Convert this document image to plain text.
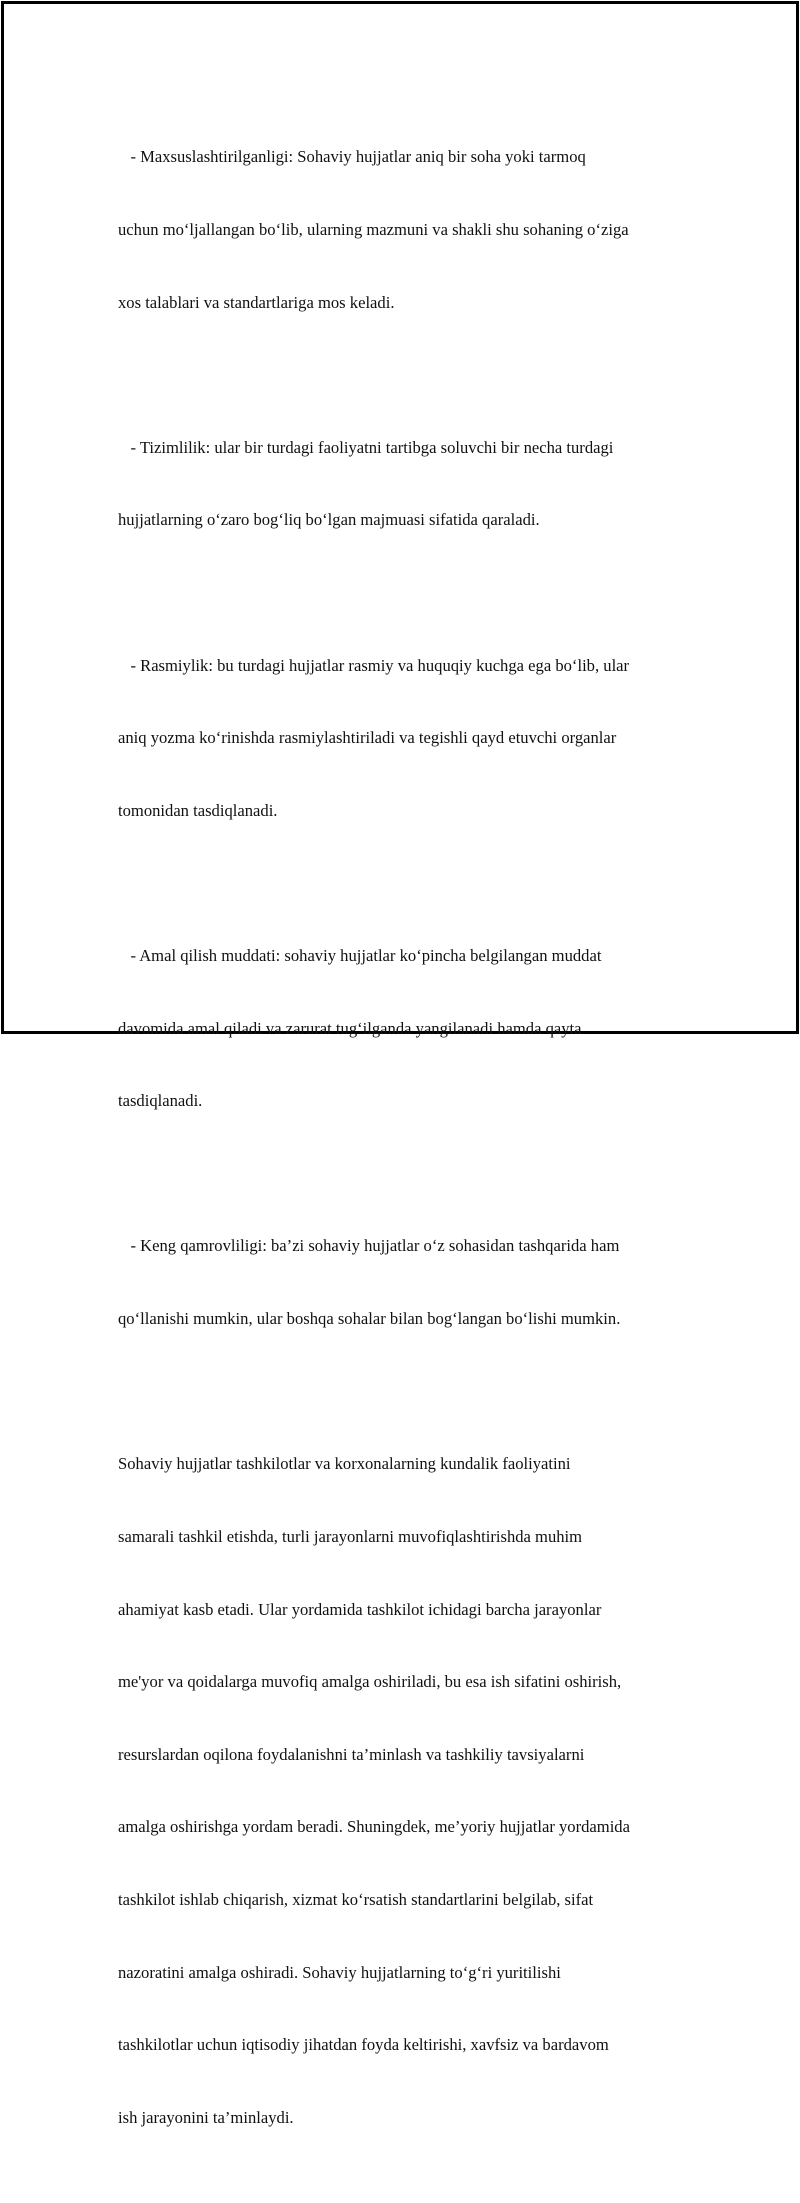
- Maxsuslashtirilganligi: Sohaviy hujjatlar aniq bir soha yoki tarmoq

uchun mo‘ljallangan bo‘lib, ularning mazmuni va shakli shu sohaning o‘ziga

xos talablari va standartlariga mos keladi.

- Tizimlilik: ular bir turdagi faoliyatni tartibga soluvchi bir necha turdagi

hujjatlarning o‘zaro bog‘liq bo‘lgan majmuasi sifatida qaraladi.

- Rasmiylik: bu turdagi hujjatlar rasmiy va huquqiy kuchga ega bo‘lib, ular

aniq yozma ko‘rinishda rasmiylashtiriladi va tegishli qayd etuvchi organlar

tomonidan tasdiqlanadi.

- Amal qilish muddati: sohaviy hujjatlar ko‘pincha belgilangan muddat

davomida amal qiladi va zarurat tug‘ilganda yangilanadi hamda qayta

tasdiqlanadi.

- Keng qamrovliligi: ba’zi sohaviy hujjatlar o‘z sohasidan tashqarida ham

qo‘llanishi mumkin, ular boshqa sohalar bilan bog‘langan bo‘lishi mumkin.

Sohaviy hujjatlar tashkilotlar va korxonalarning kundalik faoliyatini

samarali tashkil etishda, turli jarayonlarni muvofiqlashtirishda muhim

ahamiyat kasb etadi. Ular yordamida tashkilot ichidagi barcha jarayonlar

me'yor va qoidalarga muvofiq amalga oshiriladi, bu esa ish sifatini oshirish,

resurslardan oqilona foydalanishni ta’minlash va tashkiliy tavsiyalarni

amalga oshirishga yordam beradi. Shuningdek, me’yoriy hujjatlar yordamida

tashkilot ishlab chiqarish, xizmat ko‘rsatish standartlarini belgilab, sifat

nazoratini amalga oshiradi. Sohaviy hujjatlarning to‘g‘ri yuritilishi

tashkilotlar uchun iqtisodiy jihatdan foyda keltirishi, xavfsiz va bardavom

ish jarayonini ta’minlaydi.
